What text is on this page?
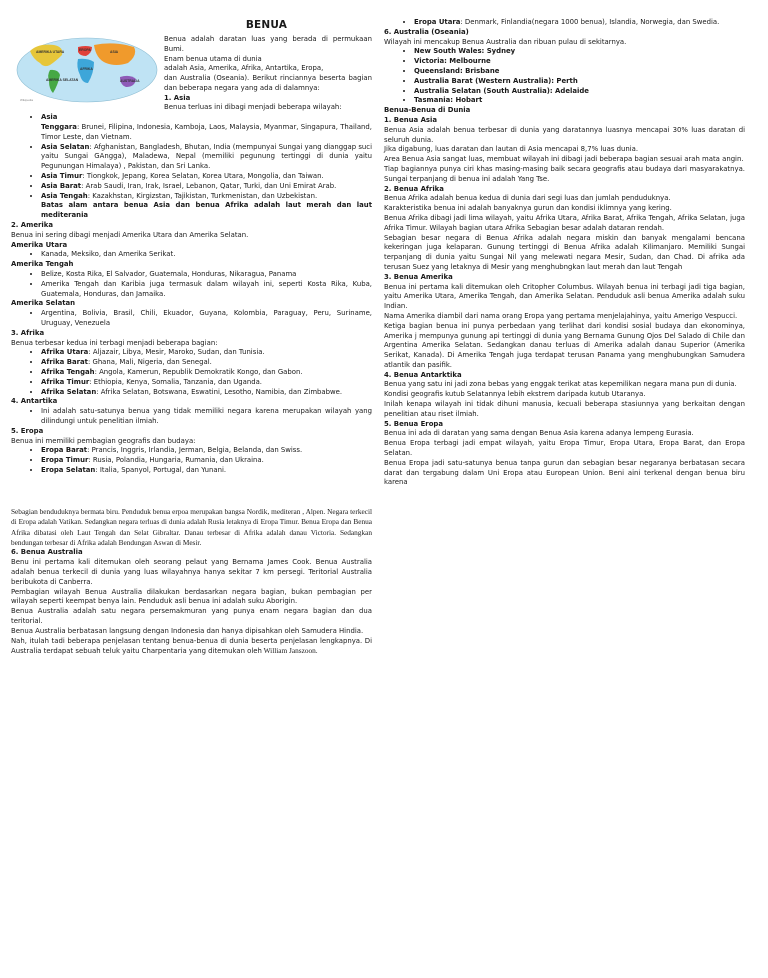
BENUA
AMERIKA UTARA	EROPA	ASIA
AFRIKA
AMERIKA SELATAN	AUSTRALIA
Wikipedia

Benua adalah daratan luas yang berada di permukaan Bumi.

Enam benua utama di dunia

adalah Asia, Amerika, Afrika, Antartika, Eropa,

dan Australia (Oseania). Berikut rinciannya beserta bagian dan beberapa negara yang ada di dalamnya:

1. Asia

Benua terluas ini dibagi menjadi beberapa wilayah:

• Asia
Tenggara: Brunei, Filipina, Indonesia, Kamboja, Laos, Malaysia, Myanmar, Singapura, Thailand, Timor Leste, dan Vietnam.
• Asia Selatan: Afghanistan, Bangladesh, Bhutan, India (mempunyai Sungai yang dianggap suci yaitu Sungai GAngga), Maladewa, Nepal (memiliki pegunung tertinggi di dunia yaitu Pegunungan Himalaya) , Pakistan, dan Sri Lanka.
• Asia Timur: Tiongkok, Jepang, Korea Selatan, Korea Utara, Mongolia, dan Taiwan.
• Asia Barat: Arab Saudi, Iran, Irak, Israel, Lebanon, Qatar, Turki, dan Uni Emirat Arab.
• Asia Tengah: Kazakhstan, Kirgizstan, Tajikistan, Turkmenistan, dan Uzbekistan.

Batas alam antara benua Asia dan benua Afrika adalah laut merah dan laut mediterania

2. Amerika

Benua ini sering dibagi menjadi Amerika Utara dan Amerika Selatan.

Amerika Utara

• Kanada, Meksiko, dan Amerika Serikat.

Amerika Tengah

• Belize, Kosta Rika, El Salvador, Guatemala, Honduras, Nikaragua, Panama
• Amerika Tengah dan Karibia juga termasuk dalam wilayah ini, seperti Kosta Rika, Kuba, Guatemala, Honduras, dan Jamaika.

Amerika Selatan

• Argentina, Bolivia, Brasil, Chili, Ekuador, Guyana, Kolombia, Paraguay, Peru, Suriname, Uruguay, Venezuela

3. Afrika

Benua terbesar kedua ini terbagi menjadi beberapa bagian:

• Afrika Utara: Aljazair, Libya, Mesir, Maroko, Sudan, dan Tunisia.
• Afrika Barat: Ghana, Mali, Nigeria, dan Senegal.
• Afrika Tengah: Angola, Kamerun, Republik Demokratik Kongo, dan Gabon.
• Afrika Timur: Ethiopia, Kenya, Somalia, Tanzania, dan Uganda.
• Afrika Selatan: Afrika Selatan, Botswana, Eswatini, Lesotho, Namibia, dan Zimbabwe.

4. Antartika

• Ini adalah satu-satunya benua yang tidak memiliki negara karena merupakan wilayah yang dilindungi untuk penelitian ilmiah.

5. Eropa

Benua ini memiliki pembagian geografis dan budaya:

• Eropa Barat: Prancis, Inggris, Irlandia, Jerman, Belgia, Belanda, dan Swiss.
• Eropa Timur: Rusia, Polandia, Hungaria, Rumania, dan Ukraina.
• Eropa Selatan: Italia, Spanyol, Portugal, dan Yunani.
• Eropa Utara: Denmark, Finlandia(negara 1000 benua), Islandia, Norwegia, dan Swedia.

6. Australia (Oseania)

Wilayah ini mencakup Benua Australia dan ribuan pulau di sekitarnya.

• New South Wales: Sydney
• Victoria: Melbourne
• Queensland: Brisbane
• Australia Barat (Western Australia): Perth
• Australia Selatan (South Australia): Adelaide
• Tasmania: Hobart

Benua-Benua di Dunia

1. Benua Asia

Benua Asia adalah benua terbesar di dunia yang daratannya luasnya mencapai 30% luas daratan di seluruh dunia.

Jika digabung, luas daratan dan lautan di Asia mencapai 8,7% luas dunia.

Area Benua Asia sangat luas, membuat wilayah ini dibagi jadi beberapa bagian sesuai arah mata angin.

Tiap bagiannya punya ciri khas masing-masing baik secara geografis atau budaya dari masyarakatnya. Sungai terpanjang di benua ini adalah Yang Tse.

2. Benua Afrika

Benua Afrika adalah benua kedua di dunia dari segi luas dan jumlah penduduknya.

Karakteristika benua ini adalah banyaknya gurun dan kondisi iklimnya yang kering.

Benua Afrika dibagi jadi lima wilayah, yaitu Afrika Utara, Afrika Barat, Afrika Tengah, Afrika Selatan, juga Afrika Timur. Wilayah bagian utara Afrika Sebagian besar adalah dataran rendah.

Sebagian besar negara di Benua Afrika adalah negara miskin dan banyak mengalami bencana kekeringan juga kelaparan. Gunung tertinggi di Benua Afrika adalah Kilimanjaro. Memiliki Sungai terpanjang di dunia yaitu Sungai Nil yang melewati negara Mesir, Sudan, dan Chad. Di afrika ada terusan Suez yang letaknya di Mesir yang menghubngkan laut merah dan laut Tengah

3. Benua Amerika

Benua ini pertama kali ditemukan oleh Critopher Columbus. Wilayah benua ini terbagi jadi tiga bagian, yaitu Amerika Utara, Amerika Tengah, dan Amerika Selatan. Penduduk asli benua Amerika adalah suku Indian.

Nama Amerika diambil dari nama orang Eropa yang pertama menjelajahinya, yaitu Amerigo Vespucci.

Ketiga bagian benua ini punya perbedaan yang terlihat dari kondisi sosial budaya dan ekonominya, Amerika j mempunya gunung api tertinggi di dunia yang Bernama Gunung Ojos Del Salado di Chile dan Argentina Amerika Selatan. Sedangkan danau terluas di Amerika adalah danau Superior (Amerika Serikat, Kanada). Di Amerika Tengah juga terdapat terusan Panama yang menghubungkan Samudera atlantik dan pasifik.

4. Benua Antarktika

Benua yang satu ini jadi zona bebas yang enggak terikat atas kepemilikan negara mana pun di dunia.

Kondisi geografis kutub Selatannya lebih ekstrem daripada kutub Utaranya.

Inilah kenapa wilayah ini tidak dihuni manusia, kecuali beberapa stasiunnya yang berkaitan dengan penelitian atau riset ilmiah.

5. Benua Eropa

Benua ini ada di daratan yang sama dengan Benua Asia karena adanya lempeng Eurasia.

Benua Eropa terbagi jadi empat wilayah, yaitu Eropa Timur, Eropa Utara, Eropa Barat, dan Eropa Selatan.

Benua Eropa jadi satu-satunya benua tanpa gurun dan sebagian besar negaranya berbatasan secara darat dan tergabung dalam Uni Eropa atau European Union. Beni aini terkenal dengan benua biru karena

Sebagian benduduknya bermata biru. Penduduk benua erpoa merupakan bangsa Nordik, mediteran , Alpen. Negara terkecil di Eropa adalah Vatikan. Sedangkan negara terluas di dunia adalah Rusia letaknya di Eropa Timur. Benua Eropa dan Benua Afrika dibatasi oleh Laut Tengah dan Selat Gibraltar. Danau terbesar di Afrika adalah danau Victoria. Sedangkan bendungan terbesar di Afrika adalah Bendungan Aswan di Mesir.

6. Benua Australia

Benu ini pertama kali ditemukan oleh seorang pelaut yang Bernama James Cook. Benua Australia adalah benua terkecil di dunia yang luas wilayahnya hanya sekitar 7 km persegi. Teritorial Australia beribukota di Canberra.

Pembagian wilayah Benua Australia dilakukan berdasarkan negara bagian, bukan pembagian per wilayah seperti keempat benya lain. Penduduk asli benua ini adalah suku Aborigin.

Benua Australia adalah satu negara persemakmuran yang punya enam negara bagian dan dua teritorial.

Benua Australia berbatasan langsung dengan Indonesia dan hanya dipisahkan oleh Samudera Hindia.

Nah, itulah tadi beberapa penjelasan tentang benua-benua di dunia beserta penjelasan lengkapnya. Di Australia terdapat sebuah teluk yaitu Charpentaria yang ditemukan oleh William Janszoon.
